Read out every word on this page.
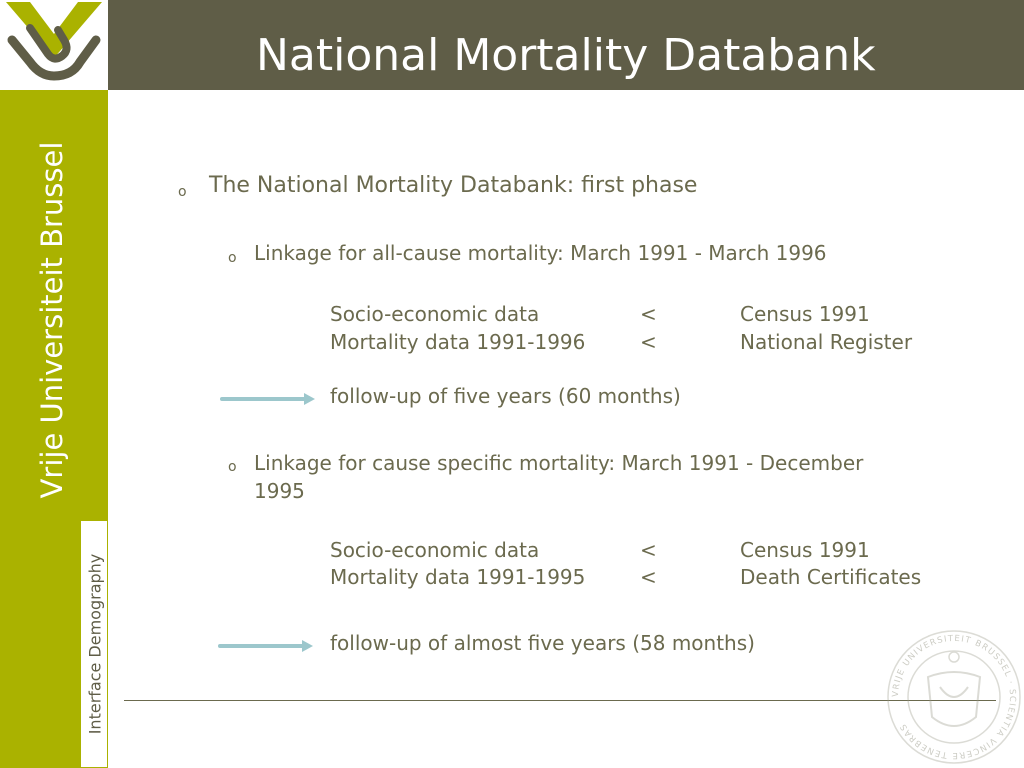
National Mortality Databank
Vrije Universiteit Brussel
Interface Demography
o The National Mortality Databank: first phase
o Linkage for all-cause mortality: March 1991 - March 1996
Socio-economic data	<	Census 1991
Mortality data 1991-1996	<	National Register
follow-up of five years (60 months)
o Linkage for cause specific mortality: March 1991 - December
1995
Socio-economic data	<	Census 1991
Mortality data 1991-1995	<	Death Certificates
follow-up of almost five years (58 months)
VRIJE UNIVERSITEIT BRUSSEL · SCIENTIA VINCERE TENEBRAS
